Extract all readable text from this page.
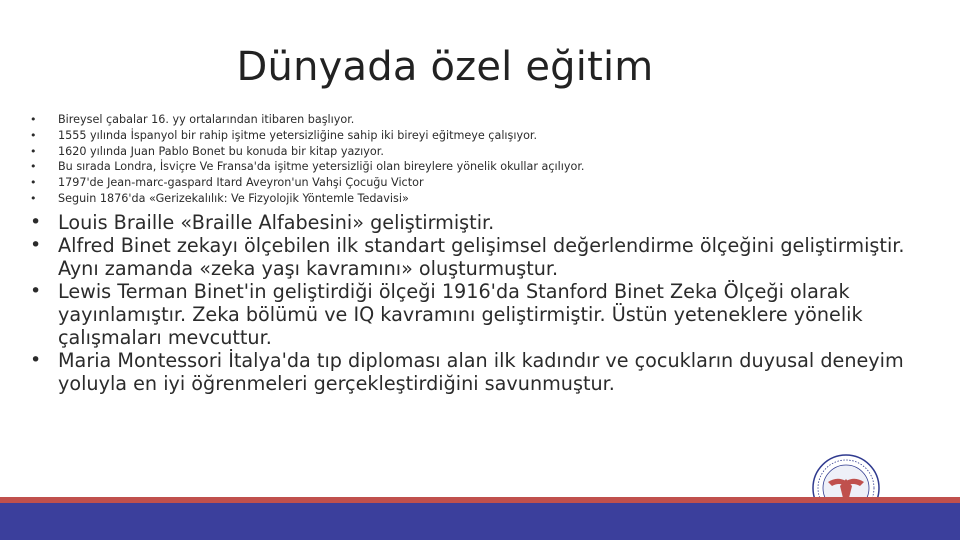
Dünyada özel eğitim
• Bireysel çabalar 16. yy ortalarından itibaren başlıyor.
• 1555 yılında İspanyol bir rahip işitme yetersizliğine sahip iki bireyi eğitmeye çalışıyor.
• 1620 yılında Juan Pablo Bonet bu konuda bir kitap yazıyor.
• Bu sırada Londra, İsviçre Ve Fransa'da işitme yetersizliği olan bireylere yönelik okullar açılıyor.
• 1797'de Jean-marc-gaspard Itard Aveyron'un Vahşi Çocuğu Victor
• Seguin 1876'da «Gerizekalılık: Ve Fizyolojik Yöntemle Tedavisi»
• Louis Braille «Braille Alfabesini» geliştirmiştir.
• Alfred Binet zekayı ölçebilen ilk standart gelişimsel değerlendirme ölçeğini geliştirmiştir. Aynı zamanda «zeka yaşı kavramını» oluşturmuştur.
• Lewis Terman Binet'in geliştirdiği ölçeği 1916'da Stanford Binet Zeka Ölçeği olarak yayınlamıştır. Zeka bölümü ve IQ kavramını geliştirmiştir. Üstün yeteneklere yönelik çalışmaları mevcuttur.
• Maria Montessori İtalya'da tıp diploması alan ilk kadındır ve çocukların duyusal deneyim yoluyla en iyi öğrenmeleri gerçekleştirdiğini savunmuştur.
